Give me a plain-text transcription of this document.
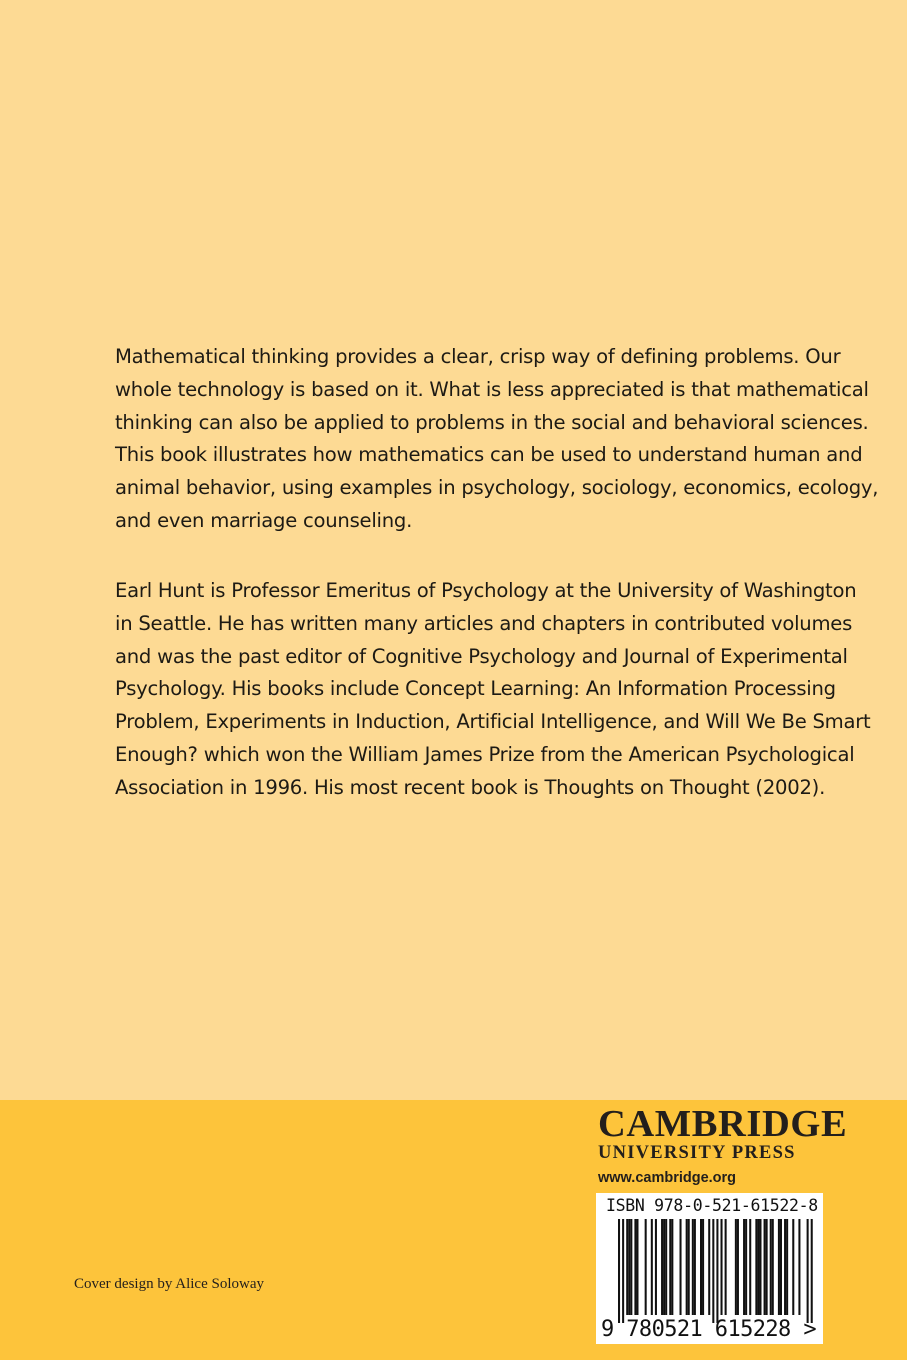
Mathematical thinking provides a clear, crisp way of defining problems. Our
whole technology is based on it. What is less appreciated is that mathematical
thinking can also be applied to problems in the social and behavioral sciences.
This book illustrates how mathematics can be used to understand human and
animal behavior, using examples in psychology, sociology, economics, ecology,
and even marriage counseling.

Earl Hunt is Professor Emeritus of Psychology at the University of Washington
in Seattle. He has written many articles and chapters in contributed volumes
and was the past editor of Cognitive Psychology and Journal of Experimental
Psychology. His books include Concept Learning: An Information Processing
Problem, Experiments in Induction, Artificial Intelligence, and Will We Be Smart
Enough? which won the William James Prize from the American Psychological
Association in 1996. His most recent book is Thoughts on Thought (2002).

CAMBRIDGE
UNIVERSITY PRESS
www.cambridge.org
ISBN 978-0-521-61522-8
9 780521 615228 >
Cover design by Alice Soloway
